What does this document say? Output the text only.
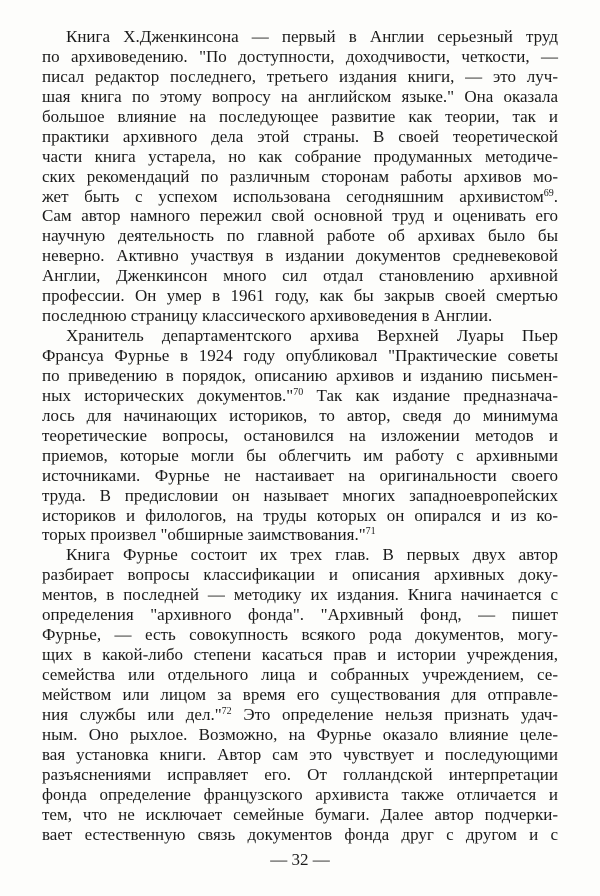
Книга Х.Дженкинсона — первый в Англии серьезный труд
по архивоведению. "По доступности, доходчивости, четкости, —
писал редактор последнего, третьего издания книги, — это луч-
шая книга по этому вопросу на английском языке." Она оказала
большое влияние на последующее развитие как теории, так и
практики архивного дела этой страны. В своей теоретической
части книга устарела, но как собрание продуманных методиче-
ских рекомендаций по различным сторонам работы архивов мо-
жет быть с успехом использована сегодняшним архивистом$^{69}$.
Сам автор намного пережил свой основной труд и оценивать его
научную деятельность по главной работе об архивах было бы
неверно. Активно участвуя в издании документов средневековой
Англии, Дженкинсон много сил отдал становлению архивной
профессии. Он умер в 1961 году, как бы закрыв своей смертью
последнюю страницу классического архивоведения в Англии.
Хранитель департаментского архива Верхней Луары Пьер
Франсуа Фурнье в 1924 году опубликовал "Практические советы
по приведению в порядок, описанию архивов и изданию письмен-
ных исторических документов."$^{70}$ Так как издание предназнача-
лось для начинающих историков, то автор, сведя до минимума
теоретические вопросы, остановился на изложении методов и
приемов, которые могли бы облегчить им работу с архивными
источниками. Фурнье не настаивает на оригинальности своего
труда. В предисловии он называет многих западноевропейских
историков и филологов, на труды которых он опирался и из ко-
торых произвел "обширные заимствования."$^{71}$
Книга Фурнье состоит их трех глав. В первых двух автор
разбирает вопросы классификации и описания архивных доку-
ментов, в последней — методику их издания. Книга начинается с
определения "архивного фонда". "Архивный фонд, — пишет
Фурнье, — есть совокупность всякого рода документов, могу-
щих в какой-либо степени касаться прав и истории учреждения,
семейства или отдельного лица и собранных учреждением, се-
мейством или лицом за время его существования для отправле-
ния службы или дел."$^{72}$ Это определение нельзя признать удач-
ным. Оно рыхлое. Возможно, на Фурнье оказало влияние целе-
вая установка книги. Автор сам это чувствует и последующими
разъяснениями исправляет его. От голландской интерпретации
фонда определение французского архивиста также отличается и
тем, что не исключает семейные бумаги. Далее автор подчерки-
вает естественную связь документов фонда друг с другом и с
— 32 —
